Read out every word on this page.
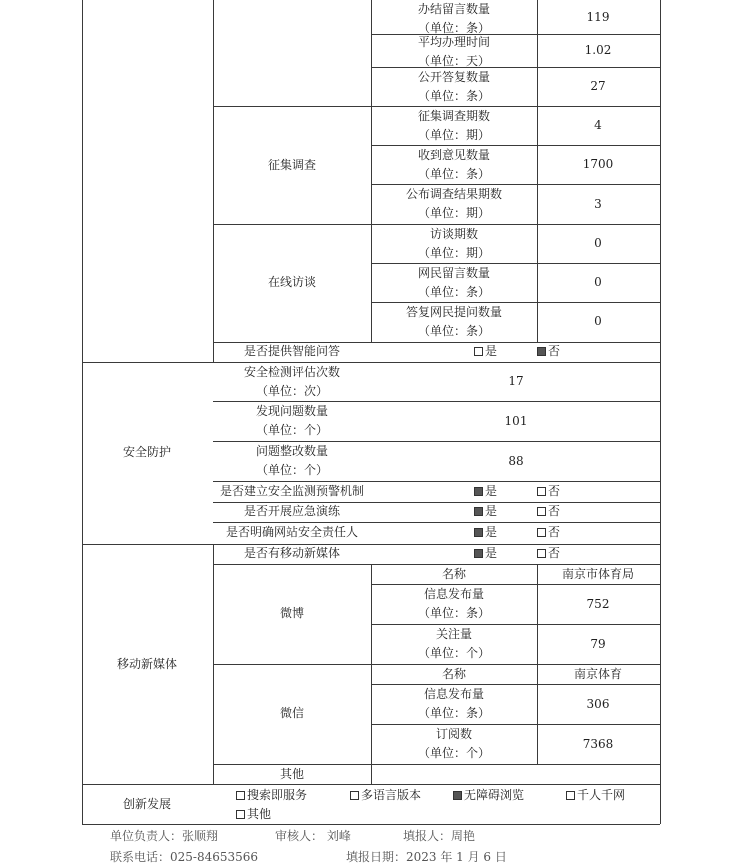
办结留言数量
（单位：条）
119
平均办理时间
（单位：天）
1.02
公开答复数量
（单位：条）
27
征集调查
征集调查期数
（单位：期）
4
收到意见数量
（单位：条）
1700
公布调查结果期数
（单位：期）
3
在线访谈
访谈期数
（单位：期）
0
网民留言数量
（单位：条）
0
答复网民提问数量
（单位：条）
0
是否提供智能问答	是	否
安全防护
安全检测评估次数
（单位：次）
17
发现问题数量
（单位：个）
101
问题整改数量
（单位：个）
88
是否建立安全监测预警机制	是	否
是否开展应急演练	是	否
是否明确网站安全责任人	是	否
移动新媒体
是否有移动新媒体	是	否
微博
名称	南京市体育局
信息发布量
（单位：条）
752
关注量
（单位：个）
79
微信
名称	南京体育
信息发布量
（单位：条）
306
订阅数
（单位：个）
7368
其他
创新发展
搜索即服务	多语言版本	无障碍浏览	千人千网
其他
单位负责人：张顺翔	审核人： 刘峰	填报人：周艳
联系电话：025-84653566	填报日期：2023 年 1 月 6 日
